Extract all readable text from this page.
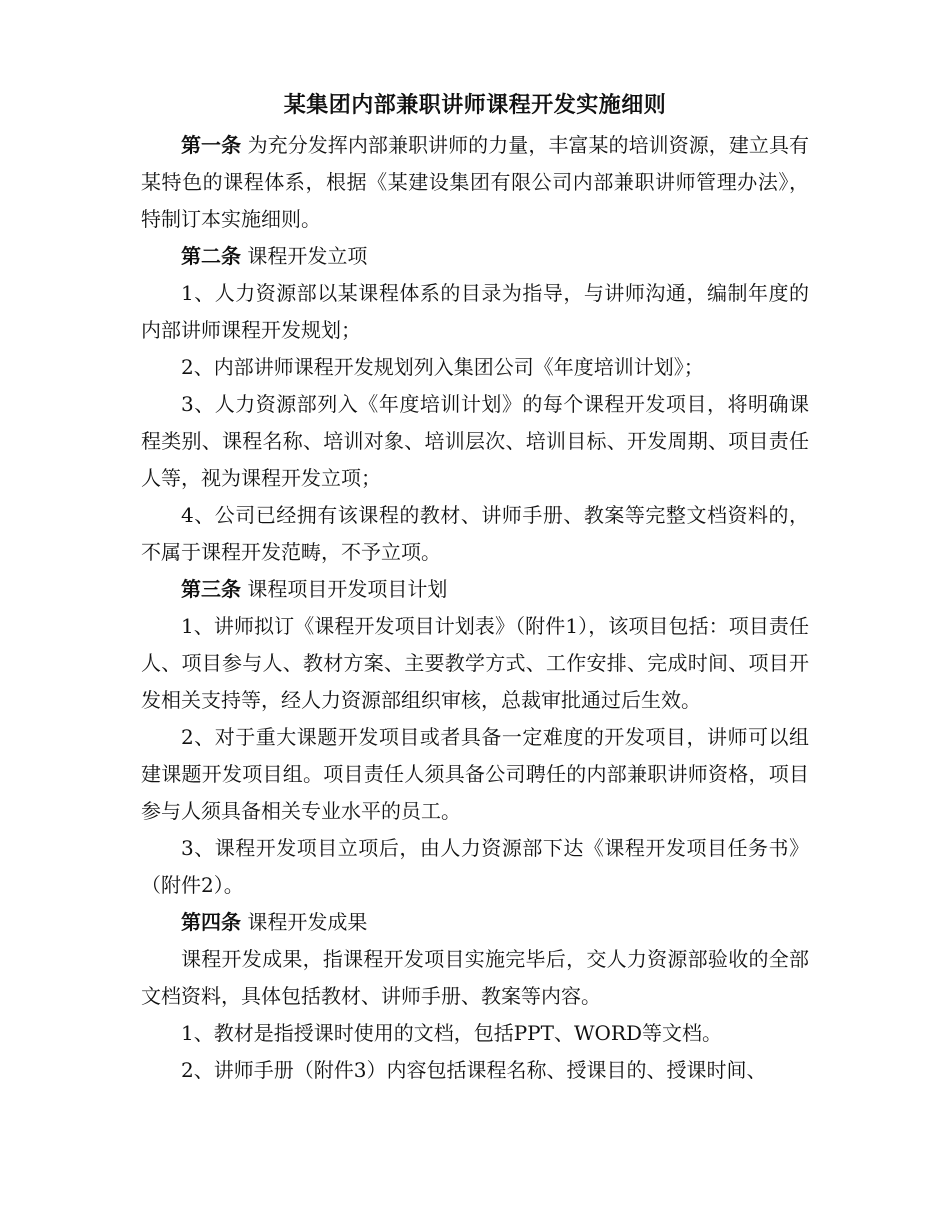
某集团内部兼职讲师课程开发实施细则

第一条 为充分发挥内部兼职讲师的力量，丰富某的培训资源，建立具有某特色的课程体系，根据《某建设集团有限公司内部兼职讲师管理办法》，特制订本实施细则。

第二条 课程开发立项

1、人力资源部以某课程体系的目录为指导，与讲师沟通，编制年度的内部讲师课程开发规划；

2、内部讲师课程开发规划列入集团公司《年度培训计划》；

3、人力资源部列入《年度培训计划》的每个课程开发项目，将明确课程类别、课程名称、培训对象、培训层次、培训目标、开发周期、项目责任人等，视为课程开发立项；

4、公司已经拥有该课程的教材、讲师手册、教案等完整文档资料的，不属于课程开发范畴，不予立项。

第三条 课程项目开发项目计划

1、讲师拟订《课程开发项目计划表》（附件1），该项目包括：项目责任人、项目参与人、教材方案、主要教学方式、工作安排、完成时间、项目开发相关支持等，经人力资源部组织审核，总裁审批通过后生效。

2、对于重大课题开发项目或者具备一定难度的开发项目，讲师可以组建课题开发项目组。项目责任人须具备公司聘任的内部兼职讲师资格，项目参与人须具备相关专业水平的员工。

3、课程开发项目立项后，由人力资源部下达《课程开发项目任务书》（附件2）。

第四条 课程开发成果

课程开发成果，指课程开发项目实施完毕后，交人力资源部验收的全部文档资料，具体包括教材、讲师手册、教案等内容。

1、教材是指授课时使用的文档，包括PPT、WORD等文档。

2、讲师手册（附件3）内容包括课程名称、授课目的、授课时间、
